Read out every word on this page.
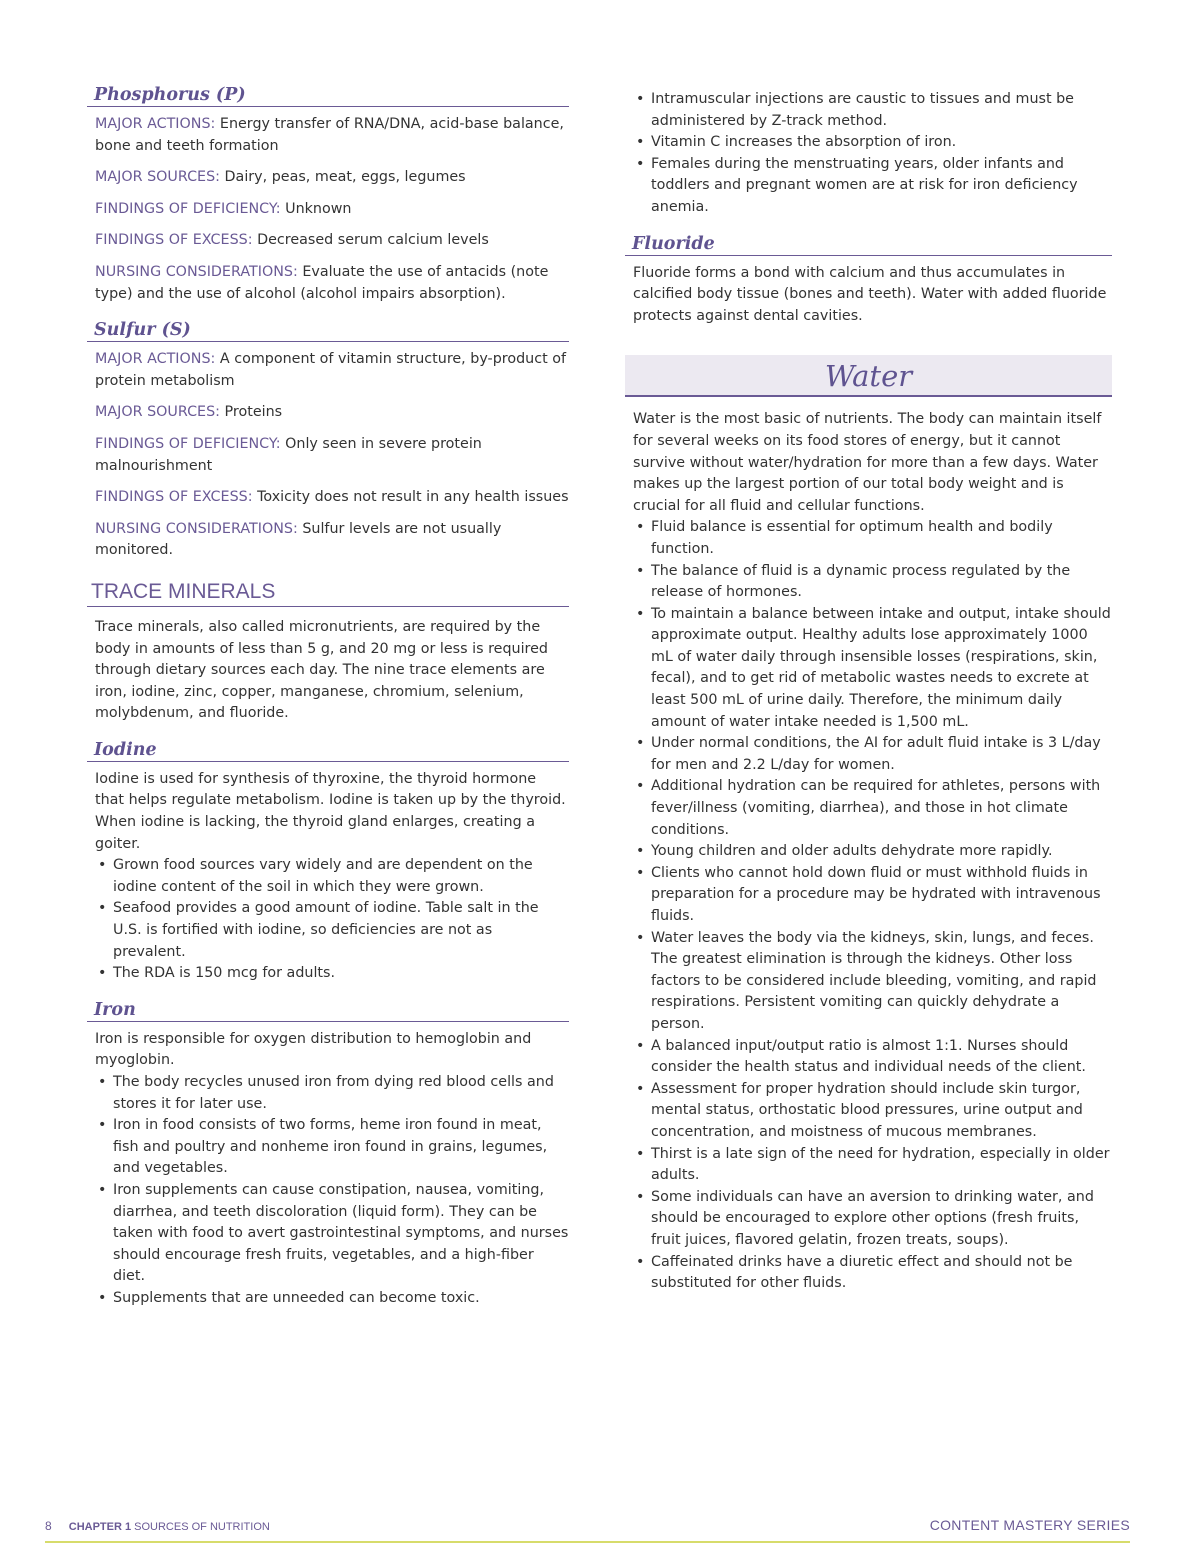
Phosphorus (P)
MAJOR ACTIONS: Energy transfer of RNA/DNA, acid-base balance, bone and teeth formation
MAJOR SOURCES: Dairy, peas, meat, eggs, legumes
FINDINGS OF DEFICIENCY: Unknown
FINDINGS OF EXCESS: Decreased serum calcium levels
NURSING CONSIDERATIONS: Evaluate the use of antacids (note type) and the use of alcohol (alcohol impairs absorption).
Sulfur (S)
MAJOR ACTIONS: A component of vitamin structure, by-product of protein metabolism
MAJOR SOURCES: Proteins
FINDINGS OF DEFICIENCY: Only seen in severe protein malnourishment
FINDINGS OF EXCESS: Toxicity does not result in any health issues
NURSING CONSIDERATIONS: Sulfur levels are not usually monitored.
TRACE MINERALS
Trace minerals, also called micronutrients, are required by the body in amounts of less than 5 g, and 20 mg or less is required through dietary sources each day. The nine trace elements are iron, iodine, zinc, copper, manganese, chromium, selenium, molybdenum, and fluoride.
Iodine
Iodine is used for synthesis of thyroxine, the thyroid hormone that helps regulate metabolism. Iodine is taken up by the thyroid. When iodine is lacking, the thyroid gland enlarges, creating a goiter.
• Grown food sources vary widely and are dependent on the iodine content of the soil in which they were grown.
• Seafood provides a good amount of iodine. Table salt in the U.S. is fortified with iodine, so deficiencies are not as prevalent.
• The RDA is 150 mcg for adults.
Iron
Iron is responsible for oxygen distribution to hemoglobin and myoglobin.
• The body recycles unused iron from dying red blood cells and stores it for later use.
• Iron in food consists of two forms, heme iron found in meat, fish and poultry and nonheme iron found in grains, legumes, and vegetables.
• Iron supplements can cause constipation, nausea, vomiting, diarrhea, and teeth discoloration (liquid form). They can be taken with food to avert gastrointestinal symptoms, and nurses should encourage fresh fruits, vegetables, and a high-fiber diet.
• Supplements that are unneeded can become toxic.
• Intramuscular injections are caustic to tissues and must be administered by Z-track method.
• Vitamin C increases the absorption of iron.
• Females during the menstruating years, older infants and toddlers and pregnant women are at risk for iron deficiency anemia.
Fluoride
Fluoride forms a bond with calcium and thus accumulates in calcified body tissue (bones and teeth). Water with added fluoride protects against dental cavities.
Water
Water is the most basic of nutrients. The body can maintain itself for several weeks on its food stores of energy, but it cannot survive without water/hydration for more than a few days. Water makes up the largest portion of our total body weight and is crucial for all fluid and cellular functions.
• Fluid balance is essential for optimum health and bodily function.
• The balance of fluid is a dynamic process regulated by the release of hormones.
• To maintain a balance between intake and output, intake should approximate output. Healthy adults lose approximately 1000 mL of water daily through insensible losses (respirations, skin, fecal), and to get rid of metabolic wastes needs to excrete at least 500 mL of urine daily. Therefore, the minimum daily amount of water intake needed is 1,500 mL.
• Under normal conditions, the AI for adult fluid intake is 3 L/day for men and 2.2 L/day for women.
• Additional hydration can be required for athletes, persons with fever/illness (vomiting, diarrhea), and those in hot climate conditions.
• Young children and older adults dehydrate more rapidly.
• Clients who cannot hold down fluid or must withhold fluids in preparation for a procedure may be hydrated with intravenous fluids.
• Water leaves the body via the kidneys, skin, lungs, and feces. The greatest elimination is through the kidneys. Other loss factors to be considered include bleeding, vomiting, and rapid respirations. Persistent vomiting can quickly dehydrate a person.
• A balanced input/output ratio is almost 1:1. Nurses should consider the health status and individual needs of the client.
• Assessment for proper hydration should include skin turgor, mental status, orthostatic blood pressures, urine output and concentration, and moistness of mucous membranes.
• Thirst is a late sign of the need for hydration, especially in older adults.
• Some individuals can have an aversion to drinking water, and should be encouraged to explore other options (fresh fruits, fruit juices, flavored gelatin, frozen treats, soups).
• Caffeinated drinks have a diuretic effect and should not be substituted for other fluids.
8 CHAPTER 1 SOURCES OF NUTRITION	CONTENT MASTERY SERIES
